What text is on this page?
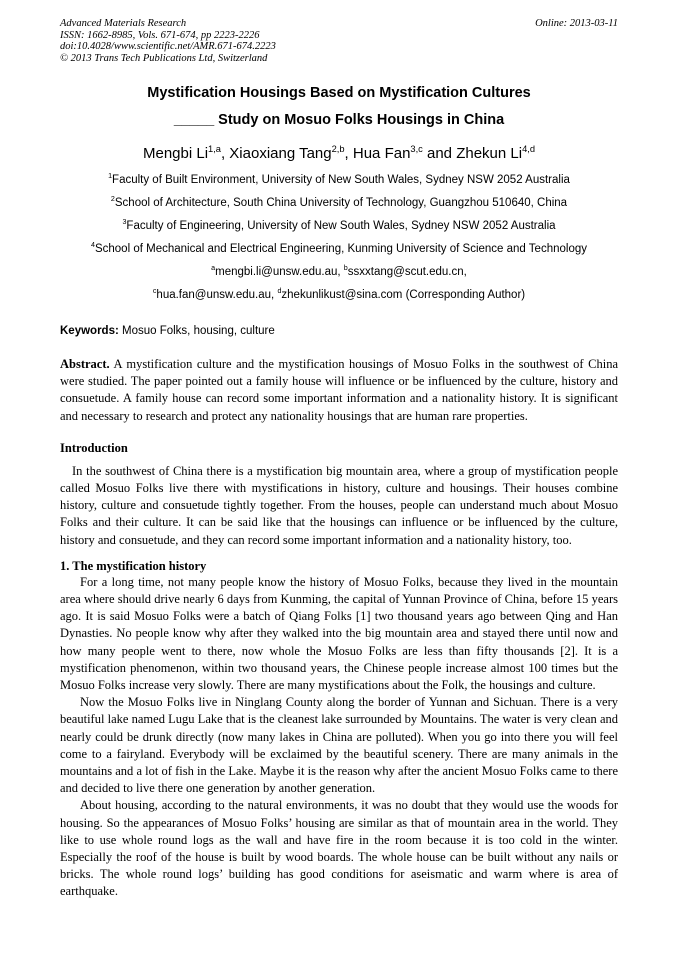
Advanced Materials Research
ISSN: 1662-8985, Vols. 671-674, pp 2223-2226
doi:10.4028/www.scientific.net/AMR.671-674.2223
© 2013 Trans Tech Publications Ltd, Switzerland
Online: 2013-03-11
Mystification Housings Based on Mystification Cultures
_____ Study on Mosuo Folks Housings in China
Mengbi Li$^{1,a}$, Xiaoxiang Tang$^{2,b}$, Hua Fan$^{3,c}$ and Zhekun Li$^{4,d}$
$^1$Faculty of Built Environment, University of New South Wales, Sydney NSW 2052 Australia
$^2$School of Architecture, South China University of Technology, Guangzhou 510640, China
$^3$Faculty of Engineering, University of New South Wales, Sydney NSW 2052 Australia
$^4$School of Mechanical and Electrical Engineering, Kunming University of Science and Technology
$^a$mengbi.li@unsw.edu.au, $^b$ssxxtang@scut.edu.cn,
$^c$hua.fan@unsw.edu.au, $^d$zhekunlikust@sina.com (Corresponding Author)
Keywords: Mosuo Folks, housing, culture

Abstract. A mystification culture and the mystification housings of Mosuo Folks in the southwest of China were studied. The paper pointed out a family house will influence or be influenced by the culture, history and consuetude. A family house can record some important information and a nationality history. It is significant and necessary to research and protect any nationality housings that are human rare properties.

Introduction

In the southwest of China there is a mystification big mountain area, where a group of mystification people called Mosuo Folks live there with mystifications in history, culture and housings. Their houses combine history, culture and consuetude tightly together. From the houses, people can understand much about Mosuo Folks and their culture. It can be said like that the housings can influence or be influenced by the culture, history and consuetude, and they can record some important information and a nationality history, too.

1. The mystification history

For a long time, not many people know the history of Mosuo Folks, because they lived in the mountain area where should drive nearly 6 days from Kunming, the capital of Yunnan Province of China, before 15 years ago. It is said Mosuo Folks were a batch of Qiang Folks [1] two thousand years ago between Qing and Han Dynasties. No people know why after they walked into the big mountain area and stayed there until now and how many people went to there, now whole the Mosuo Folks are less than fifty thousands [2]. It is a mystification phenomenon, within two thousand years, the Chinese people increase almost 100 times but the Mosuo Folks increase very slowly. There are many mystifications about the Folk, the housings and culture.

Now the Mosuo Folks live in Ninglang County along the border of Yunnan and Sichuan. There is a very beautiful lake named Lugu Lake that is the cleanest lake surrounded by Mountains. The water is very clean and nearly could be drunk directly (now many lakes in China are polluted). When you go into there you will feel come to a fairyland. Everybody will be exclaimed by the beautiful scenery. There are many animals in the mountains and a lot of fish in the Lake. Maybe it is the reason why after the ancient Mosuo Folks came to there and decided to live there one generation by another generation.

About housing, according to the natural environments, it was no doubt that they would use the woods for housing. So the appearances of Mosuo Folks’ housing are similar as that of mountain area in the world. They like to use whole round logs as the wall and have fire in the room because it is too cold in the winter. Especially the roof of the house is built by wood boards. The whole house can be built without any nails or bricks. The whole round logs’ building has good conditions for aseismatic and warm where is area of earthquake.
